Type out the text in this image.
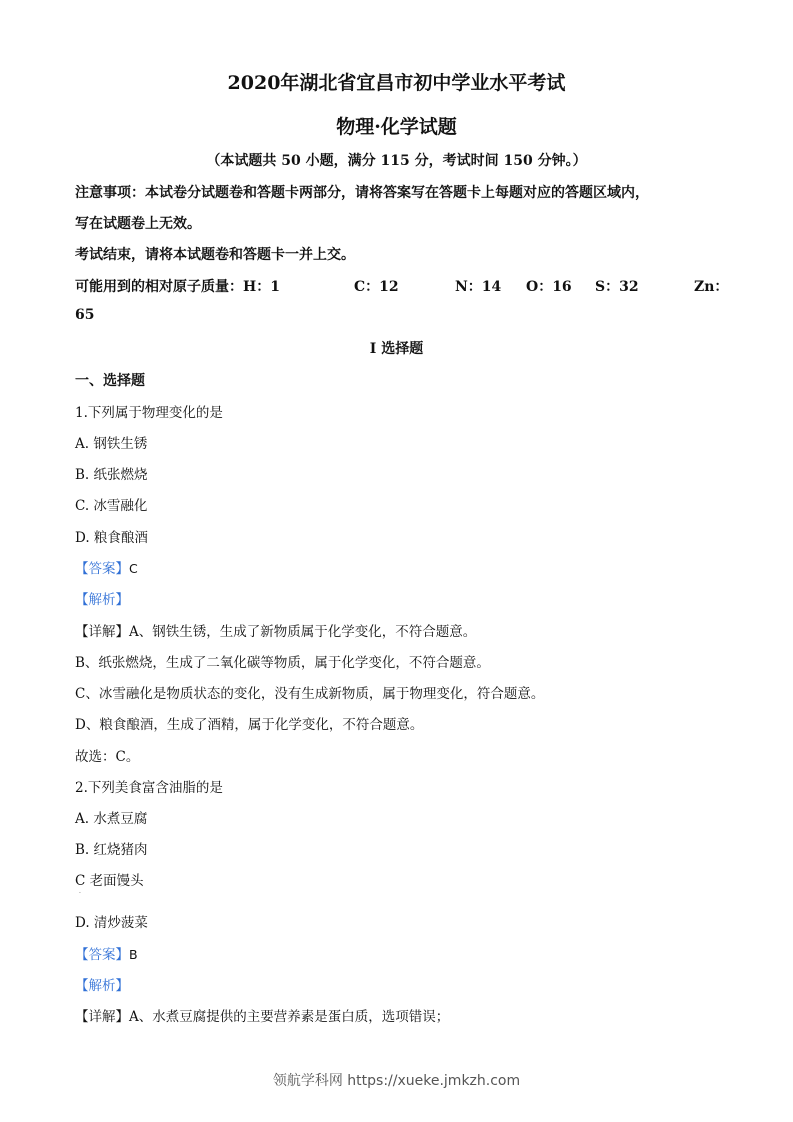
2020年湖北省宜昌市初中学业水平考试
物理·化学试题
（本试题共 50 小题，满分 115 分，考试时间 150 分钟。）
注意事项：本试卷分试题卷和答题卡两部分，请将答案写在答题卡上每题对应的答题区域内，
写在试题卷上无效。
考试结束，请将本试题卷和答题卡一并上交。
可能用到的相对原子质量：H：1	C：12	N：14 O：16 S：32	Zn：
65
I 选择题
一、选择题
1.下列属于物理变化的是
A. 钢铁生锈
B. 纸张燃烧
C. 冰雪融化
D. 粮食酿酒
【答案】C
【解析】
【详解】A、钢铁生锈，生成了新物质属于化学变化，不符合题意。
B、纸张燃烧，生成了二氧化碳等物质，属于化学变化，不符合题意。
C、冰雪融化是物质状态的变化，没有生成新物质，属于物理变化，符合题意。
D、粮食酿酒，生成了酒精，属于化学变化，不符合题意。
故选：C。
2.下列美食富含油脂的是
A. 水煮豆腐
B. 红烧猪肉
C 老面馒头
.
D. 清炒菠菜
【答案】B
【解析】
【详解】A、水煮豆腐提供的主要营养素是蛋白质，选项错误；
领航学科网 https://xueke.jmkzh.com
